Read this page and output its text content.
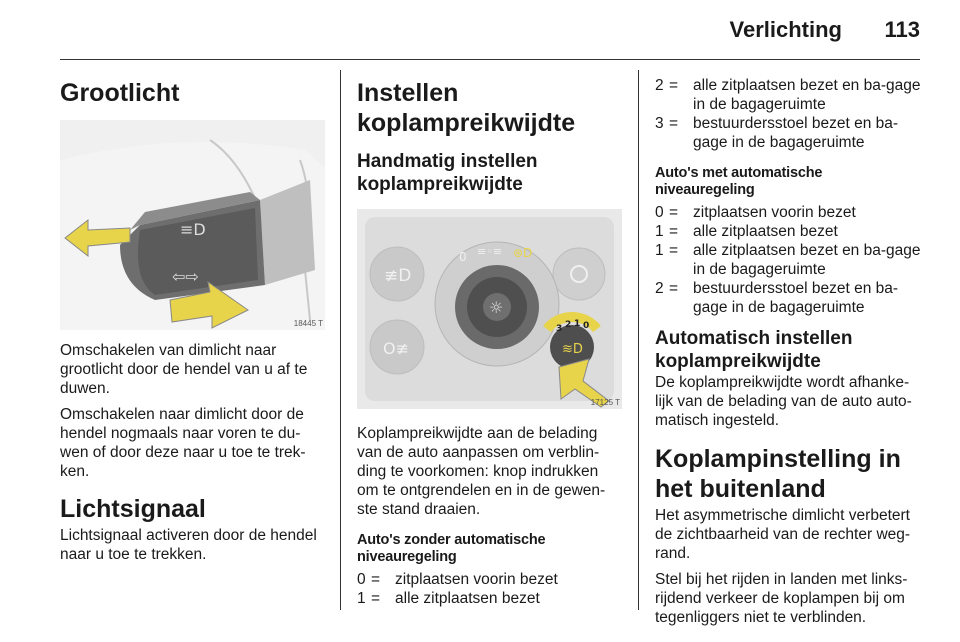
Verlichting 113
Grootlicht
≡D
⇦⇨
18445 T

Omschakelen van dimlicht naar grootlicht door de hendel van u af te duwen.

Omschakelen naar dimlicht door de hendel nogmaals naar voren te du-wen of door deze naar u toe te trek-ken.

Lichtsignaal

Lichtsignaal activeren door de hendel naar u toe te trekken.

Instellen koplampreikwijdte
Handmatig instellen koplampreikwijdte
≢D
O≢
☼
0 ≡◦≡ ⊛D
3 2 1 0
≋D
17125 T

Koplampreikwijdte aan de belading van de auto aanpassen om verblin-ding te voorkomen: knop indrukken om te ontgrendelen en in de gewen-ste stand draaien.

Auto's zonder automatische niveauregeling
0 = zitplaatsen voorin bezet
1 = alle zitplaatsen bezet
2 = alle zitplaatsen bezet en ba-gage in de bagageruimte
3 = bestuurdersstoel bezet en ba-gage in de bagageruimte
Auto's met automatische niveauregeling
0 = zitplaatsen voorin bezet
1 = alle zitplaatsen bezet
1 = alle zitplaatsen bezet en ba-gage in de bagageruimte
2 = bestuurdersstoel bezet en ba-gage in de bagageruimte
Automatisch instellen koplampreikwijdte

De koplampreikwijdte wordt afhanke-lijk van de belading van de auto auto-matisch ingesteld.

Koplampinstelling in het buitenland

Het asymmetrische dimlicht verbetert de zichtbaarheid van de rechter weg-rand.

Stel bij het rijden in landen met links-rijdend verkeer de koplampen bij om tegenliggers niet te verblinden.
